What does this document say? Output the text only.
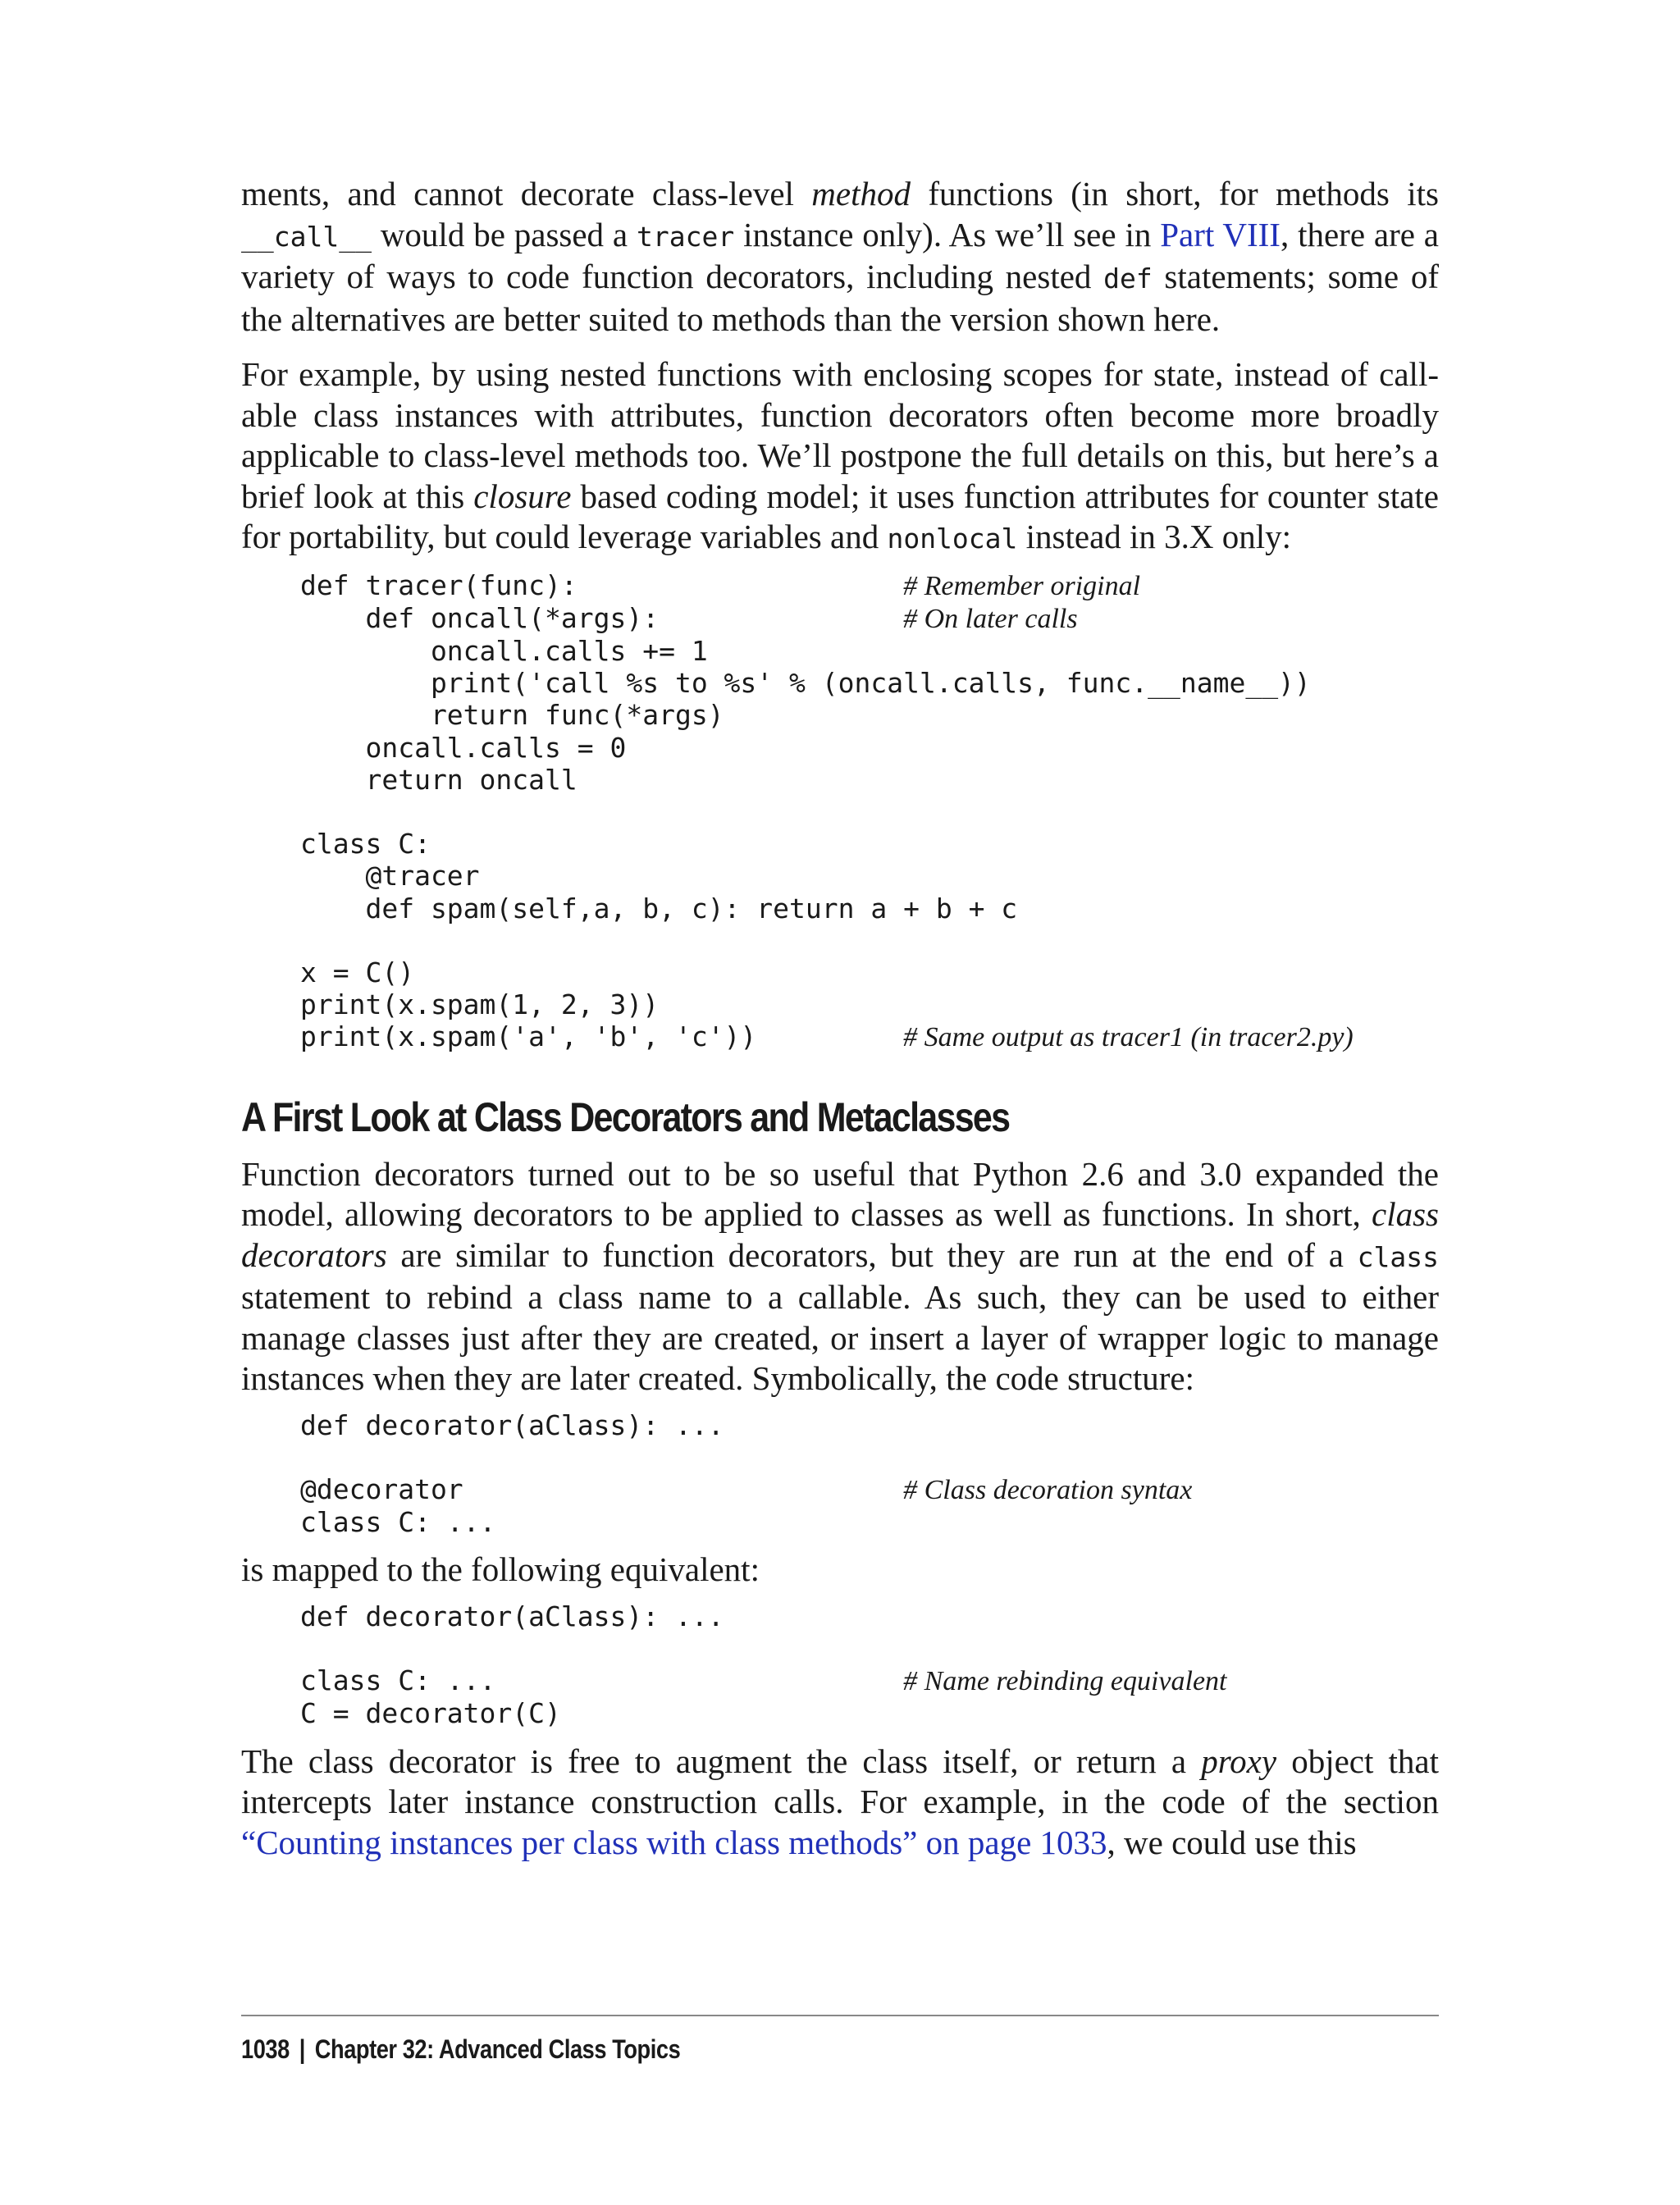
ments, and cannot decorate class-level method functions (in short, for methods its __call__ would be passed a tracer instance only). As we’ll see in Part VIII, there are a variety of ways to code function decorators, including nested def statements; some of the alternatives are better suited to methods than the version shown here.

For example, by using nested functions with enclosing scopes for state, instead of callable class instances with attributes, function decorators often become more broadly applicable to class-level methods too. We’ll postpone the full details on this, but here’s a brief look at this closure based coding model; it uses function attributes for counter state for portability, but could leverage variables and nonlocal instead in 3.X only:

def tracer(func):                    # Remember original
def oncall(*args):               # On later calls
oncall.calls += 1
print('call %s to %s' % (oncall.calls, func.__name__))
return func(*args)
oncall.calls = 0
return oncall

class C:
@tracer
def spam(self,a, b, c): return a + b + c

x = C()
print(x.spam(1, 2, 3))
print(x.spam('a', 'b', 'c'))         # Same output as tracer1 (in tracer2.py)
A First Look at Class Decorators and Metaclasses

Function decorators turned out to be so useful that Python 2.6 and 3.0 expanded the model, allowing decorators to be applied to classes as well as functions. In short, class decorators are similar to function decorators, but they are run at the end of a class statement to rebind a class name to a callable. As such, they can be used to either manage classes just after they are created, or insert a layer of wrapper logic to manage instances when they are later created. Symbolically, the code structure:

def decorator(aClass): ...

@decorator                           # Class decoration syntax
class C: ...

is mapped to the following equivalent:

def decorator(aClass): ...

class C: ...                         # Name rebinding equivalent
C = decorator(C)

The class decorator is free to augment the class itself, or return a proxy object that intercepts later instance construction calls. For example, in the code of the section “Counting instances per class with class methods” on page 1033, we could use this

1038 | Chapter 32: Advanced Class Topics
